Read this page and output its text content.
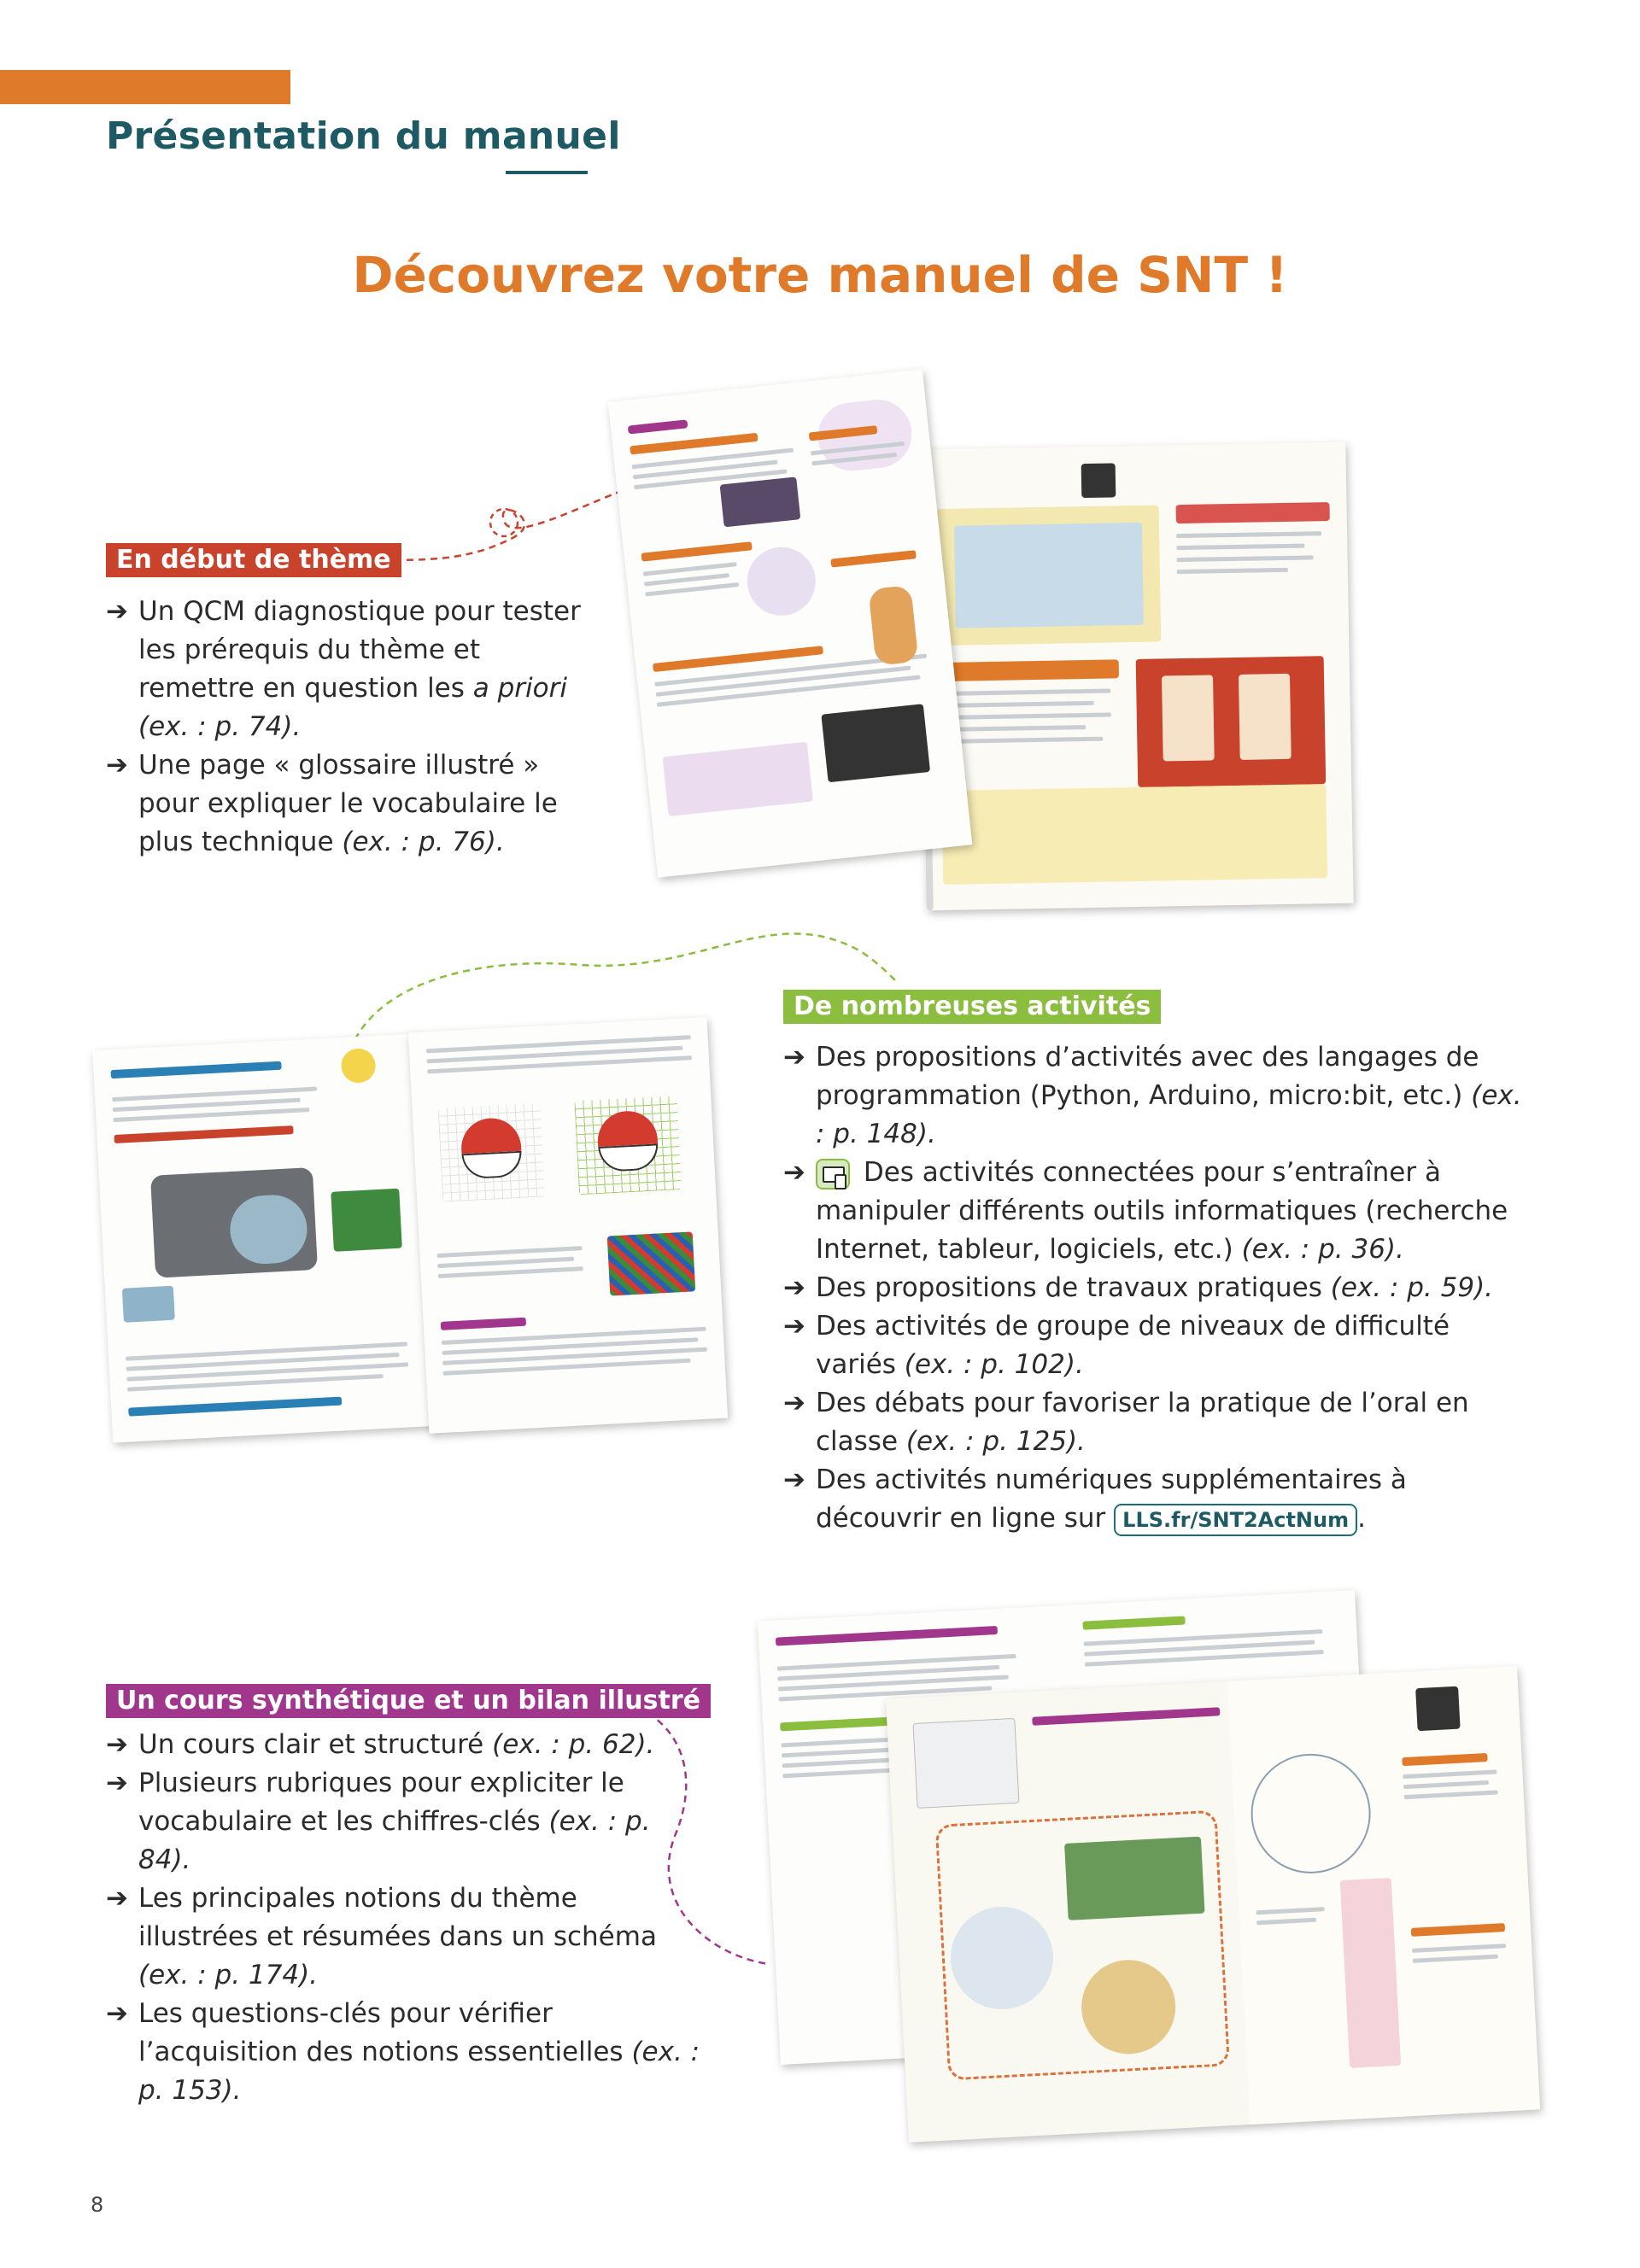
Présentation du manuel
Découvrez votre manuel de SNT !
En début de thème
➔ Un QCM diagnostique pour tester les prérequis du thème et remettre en question les a priori
(ex. : p. 74).
➔ Une page « glossaire illustré » pour expliquer le vocabulaire le plus technique (ex. : p. 76).
De nombreuses activités
➔ Des propositions d’activités avec des langages de programmation (Python, Arduino, micro:bit, etc.) (ex. : p. 148).
➔ Des activités connectées pour s’entraîner à manipuler différents outils informatiques (recherche Internet, tableur, logiciels, etc.) (ex. : p. 36).
➔ Des propositions de travaux pratiques (ex. : p. 59).
➔ Des activités de groupe de niveaux de difficulté variés (ex. : p. 102).
➔ Des débats pour favoriser la pratique de l’oral en classe (ex. : p. 125).
➔ Des activités numériques supplémentaires à découvrir en ligne sur LLS.fr/SNT2ActNum .
Un cours synthétique et un bilan illustré
➔ Un cours clair et structuré (ex. : p. 62).
➔ Plusieurs rubriques pour expliciter le vocabulaire et les chiffres-clés (ex. : p. 84).
➔ Les principales notions du thème illustrées et résumées dans un schéma (ex. : p. 174).
➔ Les questions-clés pour vérifier l’acquisition des notions essentielles (ex. : p. 153).
8
